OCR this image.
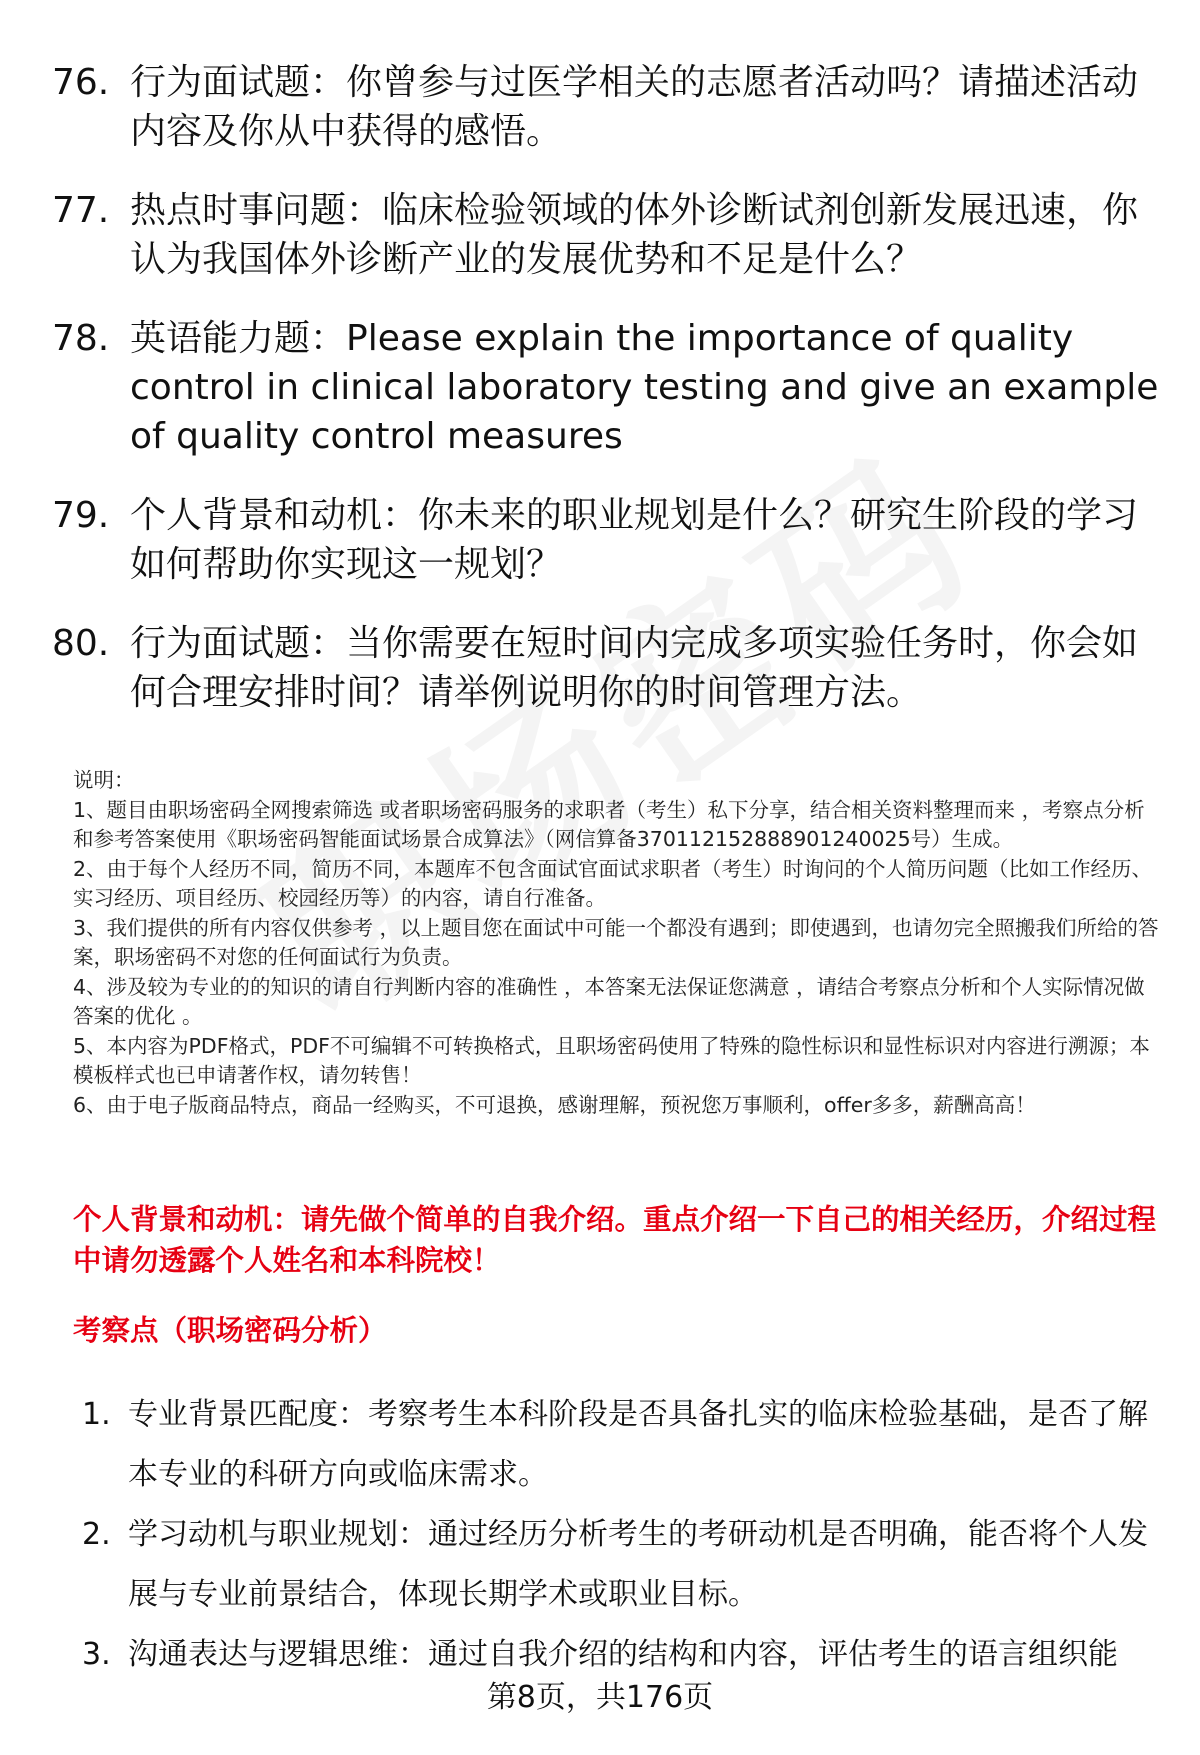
76. 行为面试题：你曾参与过医学相关的志愿者活动吗？请描述活动内容及你从中获得的感悟。
77. 热点时事问题：临床检验领域的体外诊断试剂创新发展迅速，你认为我国体外诊断产业的发展优势和不足是什么？
78. 英语能力题：Please explain the importance of quality control in clinical laboratory testing and give an example of quality control measures
79. 个人背景和动机：你未来的职业规划是什么？研究生阶段的学习如何帮助你实现这一规划？
80. 行为面试题：当你需要在短时间内完成多项实验任务时，你会如何合理安排时间？请举例说明你的时间管理方法。

说明：

1、题目由职场密码全网搜索筛选 或者职场密码服务的求职者（考生）私下分享，结合相关资料整理而来 ，考察点分析和参考答案使用《职场密码智能面试场景合成算法》（网信算备370112152888901240025号）生成。

2、由于每个人经历不同，简历不同，本题库不包含面试官面试求职者（考生）时询问的个人简历问题（比如工作经历、实习经历、项目经历、校园经历等）的内容，请自行准备。

3、我们提供的所有内容仅供参考 ，以上题目您在面试中可能一个都没有遇到；即使遇到，也请勿完全照搬我们所给的答案，职场密码不对您的任何面试行为负责。

4、涉及较为专业的的知识的请自行判断内容的准确性 ，本答案无法保证您满意 ，请结合考察点分析和个人实际情况做答案的优化 。

5、本内容为PDF格式，PDF不可编辑不可转换格式，且职场密码使用了特殊的隐性标识和显性标识对内容进行溯源；本模板样式也已申请著作权，请勿转售！

6、由于电子版商品特点，商品一经购买，不可退换，感谢理解，预祝您万事顺利，offer多多，薪酬高高！

个人背景和动机：请先做个简单的自我介绍。重点介绍一下自己的相关经历，介绍过程中请勿透露个人姓名和本科院校！
考察点（职场密码分析）
1. 专业背景匹配度：考察考生本科阶段是否具备扎实的临床检验基础，是否了解本专业的科研方向或临床需求。
2. 学习动机与职业规划：通过经历分析考生的考研动机是否明确，能否将个人发展与专业前景结合，体现长期学术或职业目标。
3. 沟通表达与逻辑思维：通过自我介绍的结构和内容，评估考生的语言组织能
第8页，共176页
